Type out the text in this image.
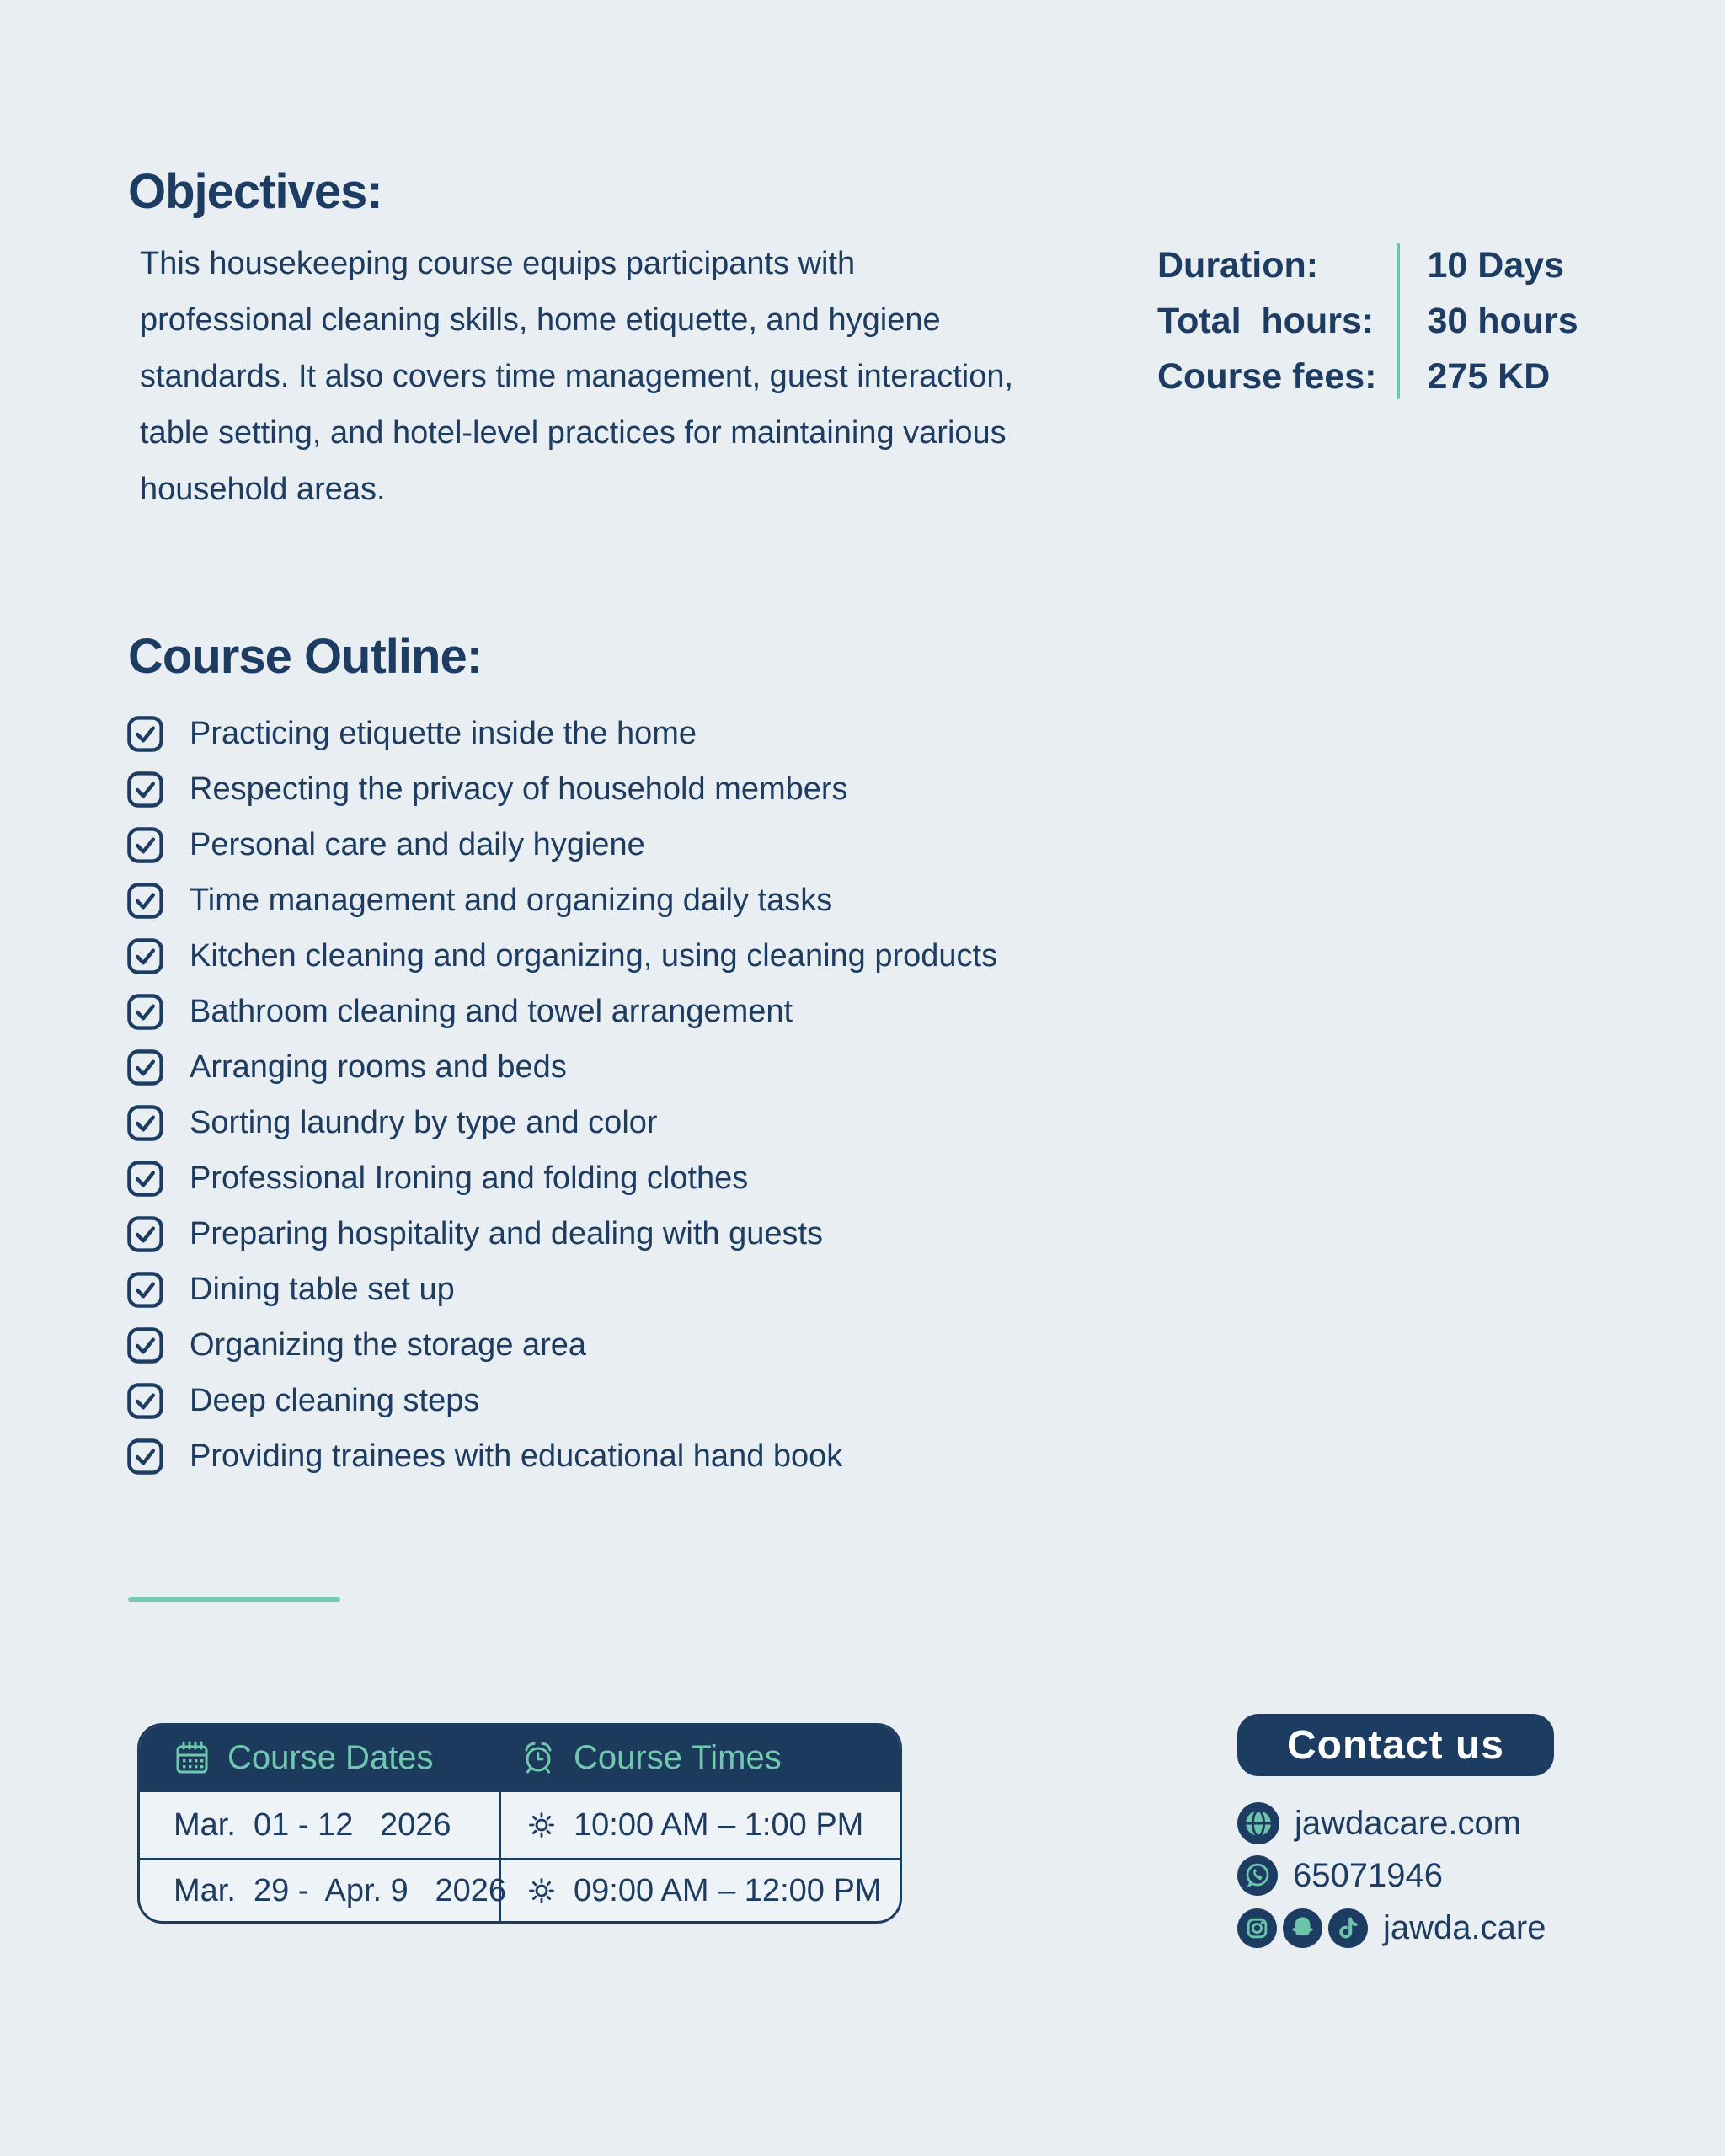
Objectives:

This housekeeping course equips participants with professional cleaning skills, home etiquette, and hygiene standards. It also covers time management, guest interaction, table setting, and hotel-level practices for maintaining various household areas.

Duration:
Total  hours:
Course fees:
10 Days
30 hours
275 KD
Course Outline:
Practicing etiquette inside the home
Respecting the privacy of household members
Personal care and daily hygiene
Time management and organizing daily tasks
Kitchen cleaning and organizing, using cleaning products
Bathroom cleaning and towel arrangement
Arranging rooms and beds
Sorting laundry by type and color
Professional Ironing and folding clothes
Preparing hospitality and dealing with guests
Dining table set up
Organizing the storage area
Deep cleaning steps
Providing trainees with educational hand book
Course Dates	Course Times
Mar.  01 - 12   2026	10:00 AM – 1:00 PM
Mar.  29 -  Apr. 9   2026 09:00 AM – 12:00 PM
Contact us
jawdacare.com
65071946
jawda.care
